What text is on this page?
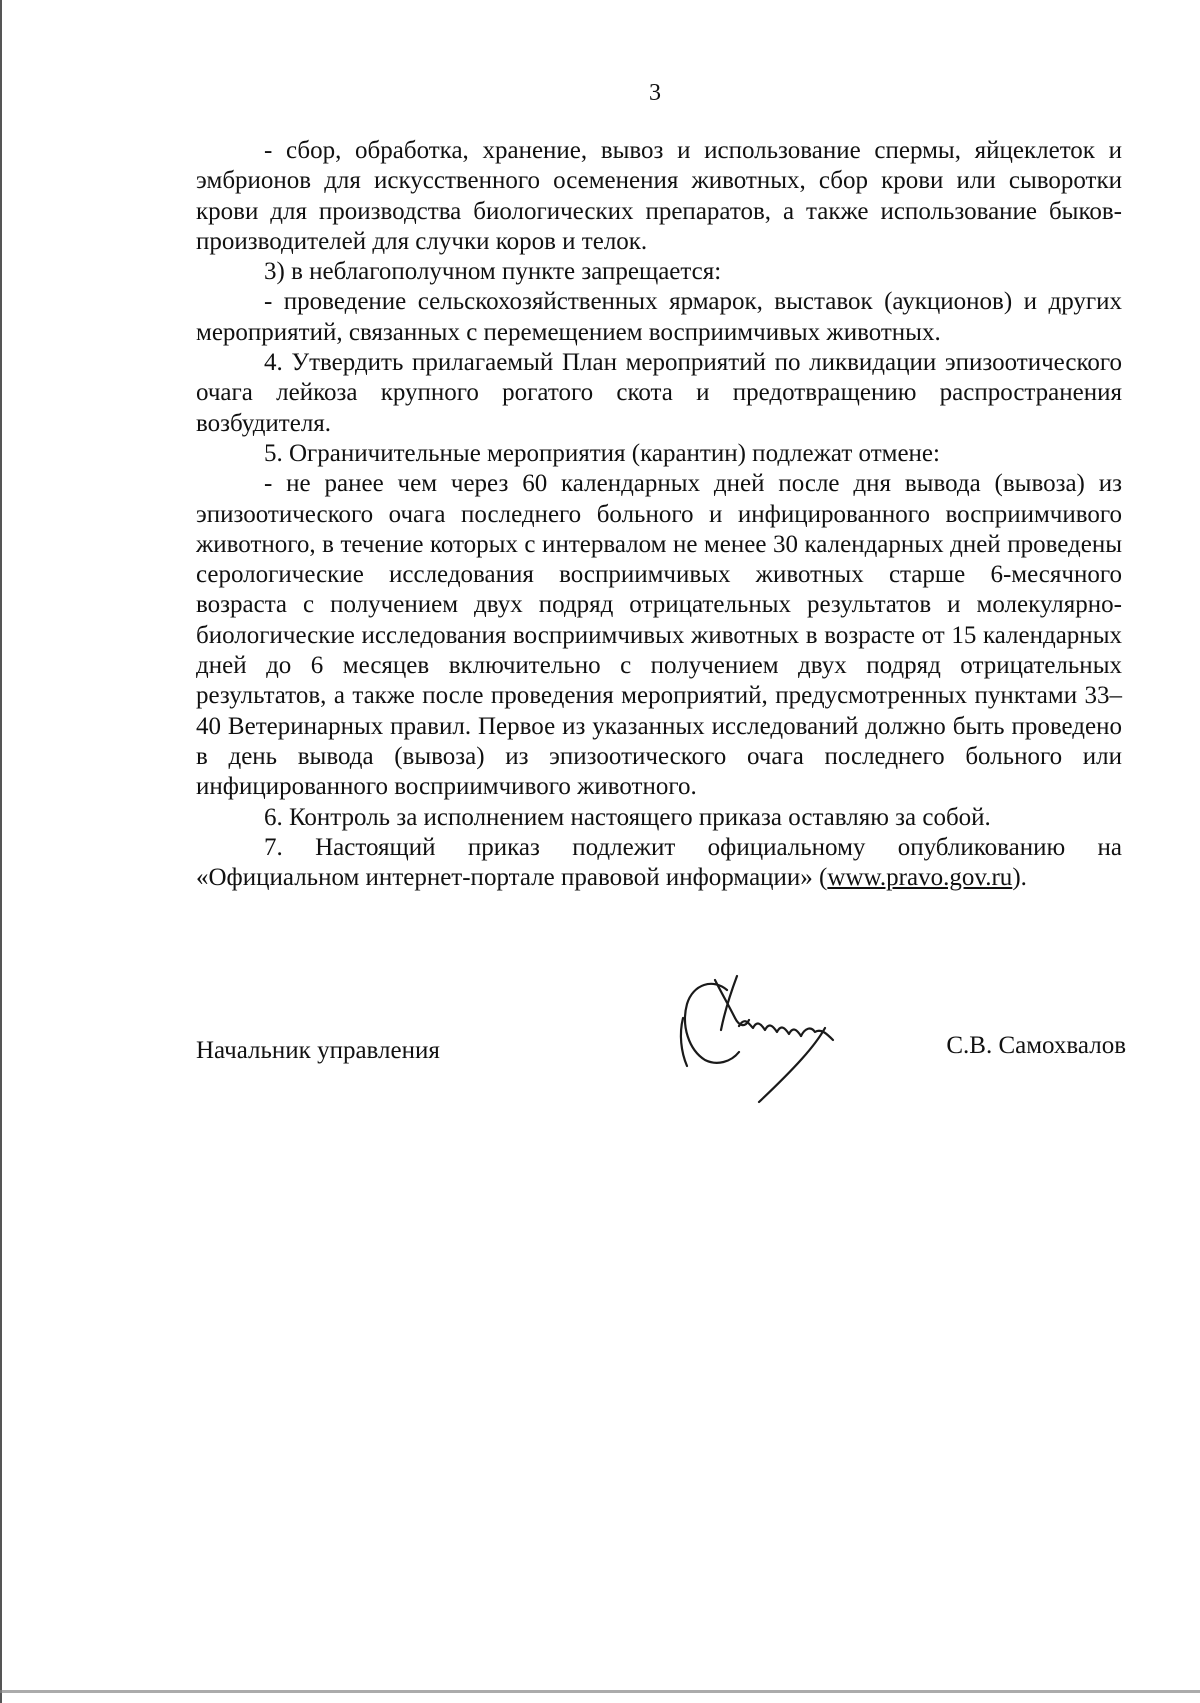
3

- сбор, обработка, хранение, вывоз и использование спермы, яйцеклеток и эмбрионов для искусственного осеменения животных, сбор крови или сыворотки крови для производства биологических препаратов, а также использование быков-производителей для случки коров и телок.

3) в неблагополучном пункте запрещается:

- проведение сельскохозяйственных ярмарок, выставок (аукционов) и других мероприятий, связанных с перемещением восприимчивых животных.

4. Утвердить прилагаемый План мероприятий по ликвидации эпизоотического очага лейкоза крупного рогатого скота и предотвращению распространения возбудителя.

5. Ограничительные мероприятия (карантин) подлежат отмене:

- не ранее чем через 60 календарных дней после дня вывода (вывоза) из эпизоотического очага последнего больного и инфицированного восприимчивого животного, в течение которых с интервалом не менее 30 календарных дней проведены серологические исследования восприимчивых животных старше 6-месячного возраста с получением двух подряд отрицательных результатов и молекулярно-биологические исследования восприимчивых животных в возрасте от 15 календарных дней до 6 месяцев включительно с получением двух подряд отрицательных результатов, а также после проведения мероприятий, предусмотренных пунктами 33–40 Ветеринарных правил. Первое из указанных исследований должно быть проведено в день вывода (вывоза) из эпизоотического очага последнего больного или инфицированного восприимчивого животного.

6. Контроль за исполнением настоящего приказа оставляю за собой.

7. Настоящий приказ подлежит официальному опубликованию на «Официальном интернет-портале правовой информации» (www.pravo.gov.ru).

Начальник управления	С.В. Самохвалов
